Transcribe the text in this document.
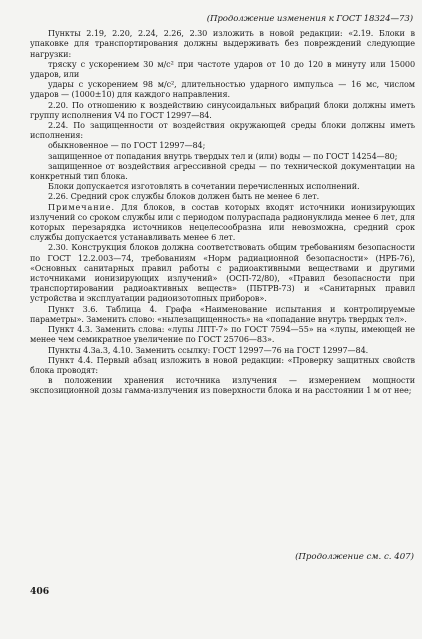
(Продолжение изменения к ГОСТ 18324—73)

Пункты 2.19, 2.20, 2.24, 2.26, 2.30 изложить в новой редакции: «2.19. Блоки в упаковке для транспортирования должны выдерживать без повреждений следующие нагрузки:

тряску с ускорением 30 м/с² при частоте ударов от 10 до 120 в минуту или 15000 ударов, или

удары с ускорением 98 м/с², длительностью ударного импульса — 16 мс, числом ударов — (1000±10) для каждого направления.

2.20. По отношению к воздействию синусоидальных вибраций блоки должны иметь группу исполнения V4 по ГОСТ 12997—84.

2.24. По защищенности от воздействия окружающей среды блоки должны иметь исполнения:

обыкновенное — по ГОСТ 12997—84;

защищенное от попадания внутрь твердых тел и (или) воды — по ГОСТ 14254—80;

защищенное от воздействия агрессивной среды — по технической документации на конкретный тип блока.

Блоки допускается изготовлять в сочетании перечисленных исполнений.

2.26. Средний срок службы блоков должен быть не менее 6 лет.

Примечание. Для блоков, в состав которых входят источники ионизирующих излучений со сроком службы или с периодом полураспада радионуклида менее 6 лет, для которых перезарядка источников нецелесообразна или невозможна, средний срок службы допускается устанавливать менее 6 лет.

2.30. Конструкция блоков должна соответствовать общим требованиям безопасности по ГОСТ 12.2.003—74, требованиям «Норм радиационной безопасности» (НРБ-76), «Основных санитарных правил работы с радиоактивными веществами и другими источниками ионизирующих излучений» (ОСП-72/80), «Правил безопасности при транспортировании радиоактивных веществ» (ПБТРВ-73) и «Санитарных правил устройства и эксплуатации радиоизотопных приборов».

Пункт 3.6. Таблица 4. Графа «Наименование испытания и контролируемые параметры». Заменить слово: «нылезащищенность» на «попадание внутрь твердых тел».

Пункт 4.3. Заменить слова: «лупы ЛПТ-7» по ГОСТ 7594—55» на «лупы, имеющей не менее чем семикратное увеличение по ГОСТ 25706—83».

Пункты 4.3а.3, 4.10. Заменить ссылку: ГОСТ 12997—76 на ГОСТ 12997—84.

Пункт 4.4. Первый абзац изложить в новой редакции: «Проверку защитных свойств блока проводят:

в положении хранения источника излучения — измерением мощности экспозиционной дозы гамма-излучения из поверхности блока и на расстоянии 1 м от нее;

(Продолжение см. с. 407)
406
